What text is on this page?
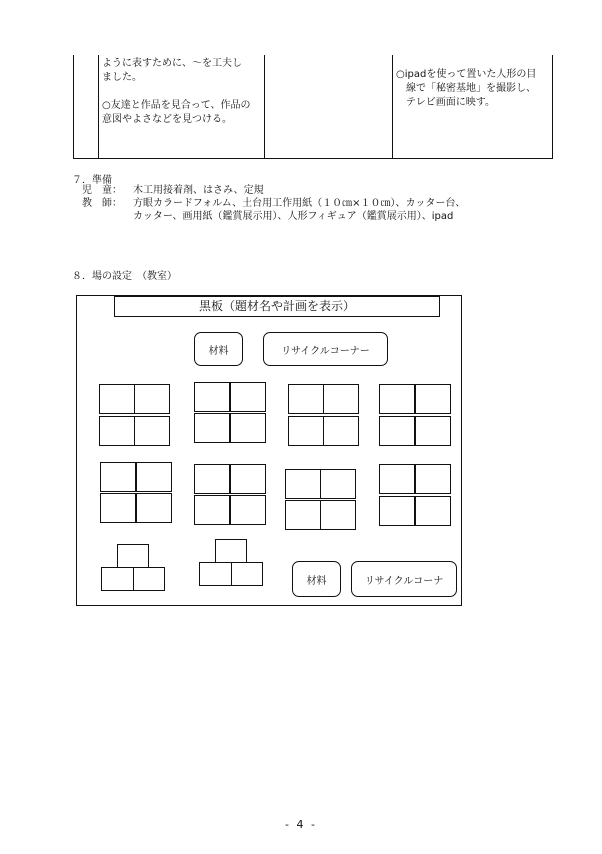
ように表すために、～を工夫し
ました。

○友達と作品を見合って、作品の
意図やよさなどを見つける。
○ipadを使って置いた人形の目
　線で「秘密基地」を撮影し、
　テレビ画面に映す。
７．準備
児　童： 木工用接着剤、はさみ、定規
教　師： 方眼カラードフォルム、土台用工作用紙（１０㎝×１０㎝）、カッター台、
カッター、画用紙（鑑賞展示用）、人形フィギュア（鑑賞展示用）、ipad
８．場の設定　（教室）
黒板（題材名や計画を表示）
材料	リサイクルコーナー
材料	リサイクルコーナ
- 4 -
